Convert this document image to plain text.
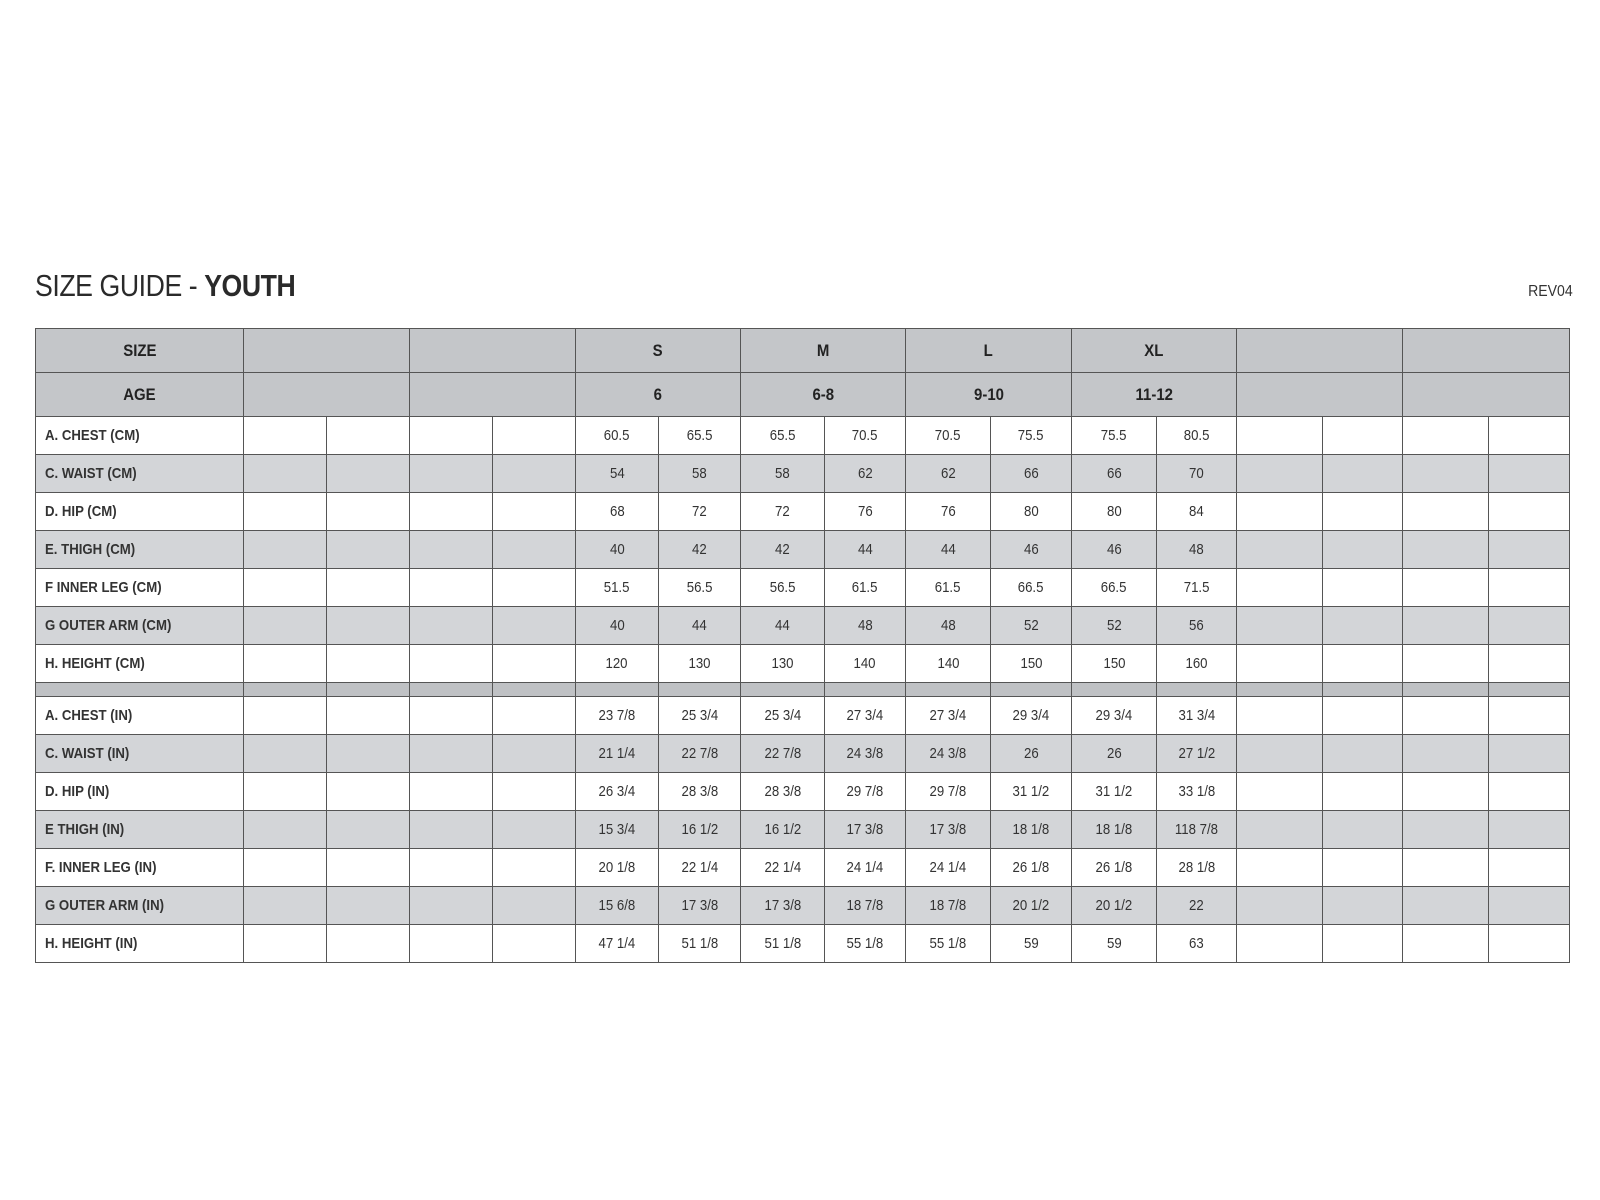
SIZE GUIDE - YOUTH	REV04
SIZE					S		M		L		XL					
AGE					6		6-8		9-10		11-12					
A. CHEST (CM)					60.5	65.5	65.5	70.5	70.5	75.5	75.5	80.5				
C. WAIST (CM)					54	58	58	62	62	66	66	70				
D. HIP (CM)					68	72	72	76	76	80	80	84				
E. THIGH (CM)					40	42	42	44	44	46	46	48				
F INNER LEG (CM)					51.5	56.5	56.5	61.5	61.5	66.5	66.5	71.5				
G OUTER ARM (CM)					40	44	44	48	48	52	52	56				
H. HEIGHT (CM)					120	130	130	140	140	150	150	160				

A. CHEST (IN)					23 7/8	25 3/4	25 3/4	27 3/4	27 3/4	29 3/4	29 3/4	31 3/4				
C. WAIST (IN)					21 1/4	22 7/8	22 7/8	24 3/8	24 3/8	26	26	27 1/2				
D. HIP (IN)					26 3/4	28 3/8	28 3/8	29 7/8	29 7/8	31 1/2	31 1/2	33 1/8				
E THIGH (IN)					15 3/4	16 1/2	16 1/2	17 3/8	17 3/8	18 1/8	18 1/8	118 7/8				
F. INNER LEG (IN)					20 1/8	22 1/4	22 1/4	24 1/4	24 1/4	26 1/8	26 1/8	28 1/8				
G OUTER ARM (IN)					15 6/8	17 3/8	17 3/8	18 7/8	18 7/8	20 1/2	20 1/2	22				
H. HEIGHT (IN)					47 1/4	51 1/8	51 1/8	55 1/8	55 1/8	59	59	63				
